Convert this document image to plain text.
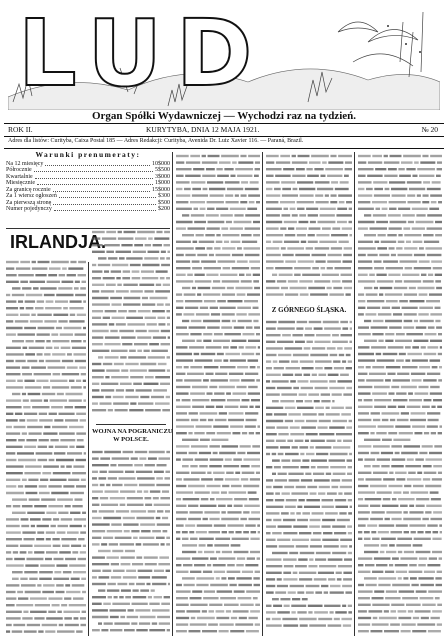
LUD
Organ Spółki Wydawniczej — Wychodzi raz na tydzień.
ROK II.	KURYTYBA, DNIA 12 MAJA 1921.	№ 20
Adres dla listów: Curityba, Caixa Postal 185 — Adres Redakcji: Curityba, Avenida Dr. Luiz Xavier 116. — Paraná, Brazil.
Warunki prenumeraty:
Na 12 miesięcy	10$000
Półrocznie	5$500
Kwartalnie	3$000
Miesięcznie	1$000
Za granicę rocznie	15$000
Za 1 wiersz ogłoszeń	$300
Za pierwszą stronę	$500
Numer pojedynczy	$200
IRLANDJA.
WOJNA NA POGRANICZU
W POLSCE.
Z GÓRNEGO ŚLĄSKA.
